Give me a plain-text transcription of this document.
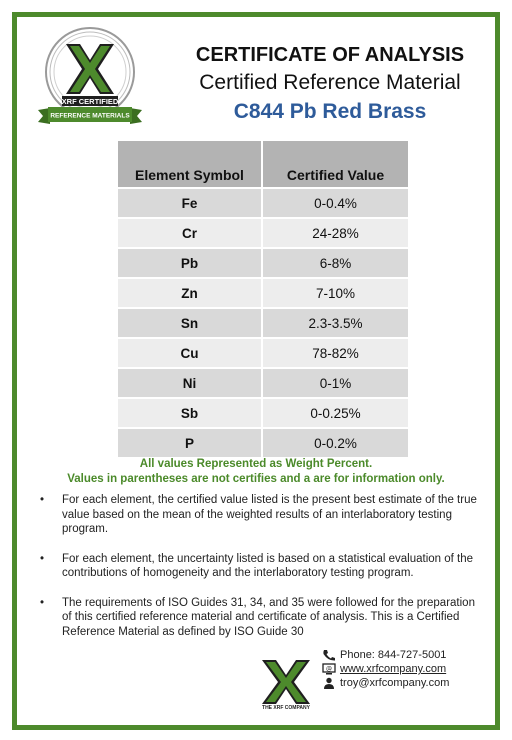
XRF CERTIFIED
REFERENCE MATERIALS
CERTIFICATE OF ANALYSIS
Certified Reference Material
C844 Pb Red Brass
Element Symbol	Certified Value
Fe	0-0.4%
Cr	24-28%
Pb	6-8%
Zn	7-10%
Sn	2.3-3.5%
Cu	78-82%
Ni	0-1%
Sb	0-0.25%
P	0-0.2%
All values Represented as Weight Percent.
Values in parentheses are not certifies and a are for information only.
• For each element, the certified value listed is the present best estimate of the true value based on the mean of the weighted results of an interlaboratory testing program.
• For each element, the uncertainty listed is based on a statistical evaluation of the contributions of homogeneity and the interlaboratory testing program.
• The requirements of ISO Guides 31, 34, and 35 were followed for the preparation of this certified reference material and certificate of analysis. This is a Certified Reference Material as defined by ISO Guide 30
THE XRF COMPANY
Phone: 844-727-5001
@ www.xrfcompany.com
troy@xrfcompany.com
